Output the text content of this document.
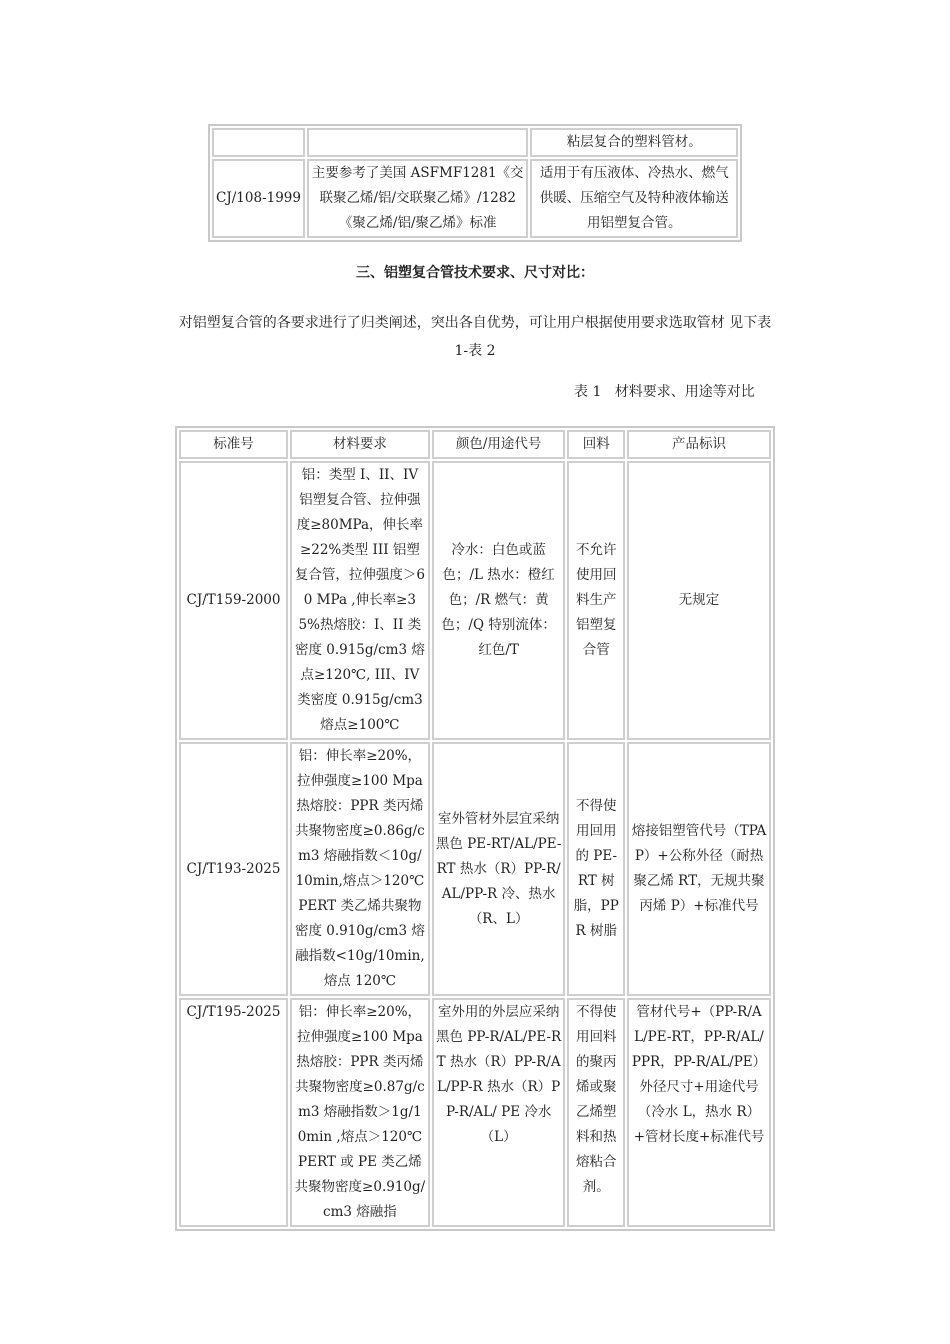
		粘层复合的塑料管材。
CJ/108-1999	主要参考了美国 ASFMF1281《交联聚乙烯/铝/交联聚乙烯》/1282《聚乙烯/铝/聚乙烯》标准	适用于有压液体、冷热水、燃气供暖、压缩空气及特种液体输送用铝塑复合管。
三、铝塑复合管技术要求、尺寸对比：
对铝塑复合管的各要求进行了归类阐述，突出各自优势，可让用户根据使用要求选取管材 见下表 1-表 2
表 1   材料要求、用途等对比
标准号	材料要求	颜色/用途代号	回料	产品标识
CJ/T159-2000	铝：类型 I、II、IV 铝塑复合管、拉伸强度≥80MPa，伸长率≥22%类型 III 铝塑复合管，拉伸强度＞60 MPa ,伸长率≥35%热熔胶：I、II 类密度 0.915g/cm3 熔点≥120℃, III、IV 类密度 0.915g/cm3 熔点≥100℃	冷水：白色或蓝色；/L 热水：橙红色；/R 燃气：黄色；/Q 特别流体：红色/T	不允许使用回料生产铝塑复合管	无规定
CJ/T193-2025	铝：伸长率≥20%，拉伸强度≥100 Mpa 热熔胶：PPR 类丙烯共聚物密度≥0.86g/cm3 熔融指数＜10g/10min,熔点＞120℃ PERT 类乙烯共聚物密度 0.910g/cm3 熔融指数<10g/10min,熔点 120℃	室外管材外层宜采纳黑色 PE-RT/AL/PE-RT 热水（R）PP-R/AL/PP-R 冷、热水（R、L）	不得使用回用的 PE-RT 树脂，PPR 树脂	熔接铝塑管代号（TPAP）+公称外径（耐热聚乙烯 RT，无规共聚丙烯 P）+标准代号
CJ/T195-2025	铝：伸长率≥20%，拉伸强度≥100 Mpa 热熔胶：PPR 类丙烯共聚物密度≥0.87g/cm3 熔融指数＞1g/10min ,熔点＞120℃ PERT 或 PE 类乙烯共聚物密度≥0.910g/cm3 熔融指	室外用的外层应采纳黑色 PP-R/AL/PE-RT 热水（R）PP-R/AL/PP-R 热水（R）PP-R/AL/ PE 冷水（L）	不得使用回料的聚丙烯或聚乙烯塑料和热熔粘合剂。	管材代号+（PP-R/AL/PE-RT，PP-R/AL/PPR，PP-R/AL/PE）外径尺寸+用途代号（冷水 L，热水 R）+管材长度+标准代号
